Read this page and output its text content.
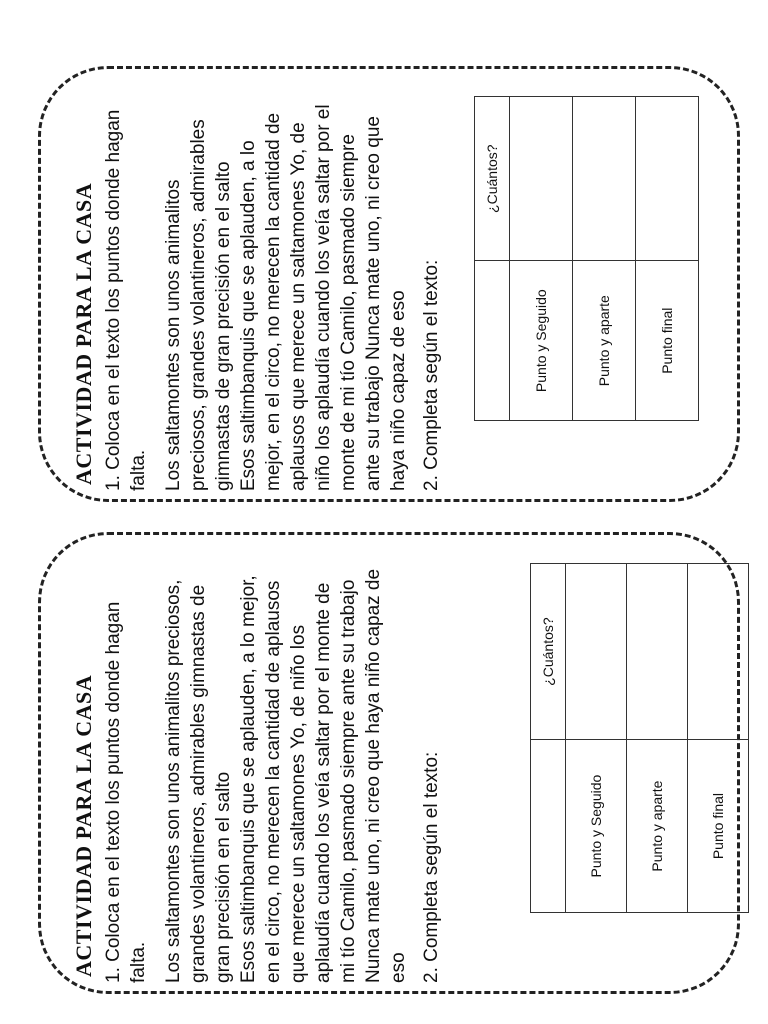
ACTIVIDAD PARA LA CASA 1. Coloca en el texto los puntos donde hagan falta. Los saltamontes son unos animalitos preciosos, grandes volantineros, admirables gimnastas de gran precisión en el salto Esos saltimbanquis que se aplauden, a lo mejor, en el circo, no merecen la cantidad de aplausos que merece un saltamones Yo, de niño los aplaudía cuando los veía saltar por el monte de mi tío Camilo, pasmado siempre ante su trabajo Nunca mate uno, ni creo que haya niño capaz de eso 2. Completa según el texto:
	¿Cuántos?
Punto y Seguido	
Punto y aparte	
Punto final	
ACTIVIDAD PARA LA CASA 1. Coloca en el texto los puntos donde hagan falta. Los saltamontes son unos animalitos preciosos, grandes volantineros, admirables gimnastas de gran precisión en el salto Esos saltimbanquis que se aplauden, a lo mejor, en el circo, no merecen la cantidad de aplausos que merece un saltamones Yo, de niño los aplaudía cuando los veía saltar por el monte de mi tío Camilo, pasmado siempre ante su trabajo Nunca mate uno, ni creo que haya niño capaz de eso 2. Completa según el texto:
	¿Cuántos?
Punto y Seguido	
Punto y aparte	
Punto final	
